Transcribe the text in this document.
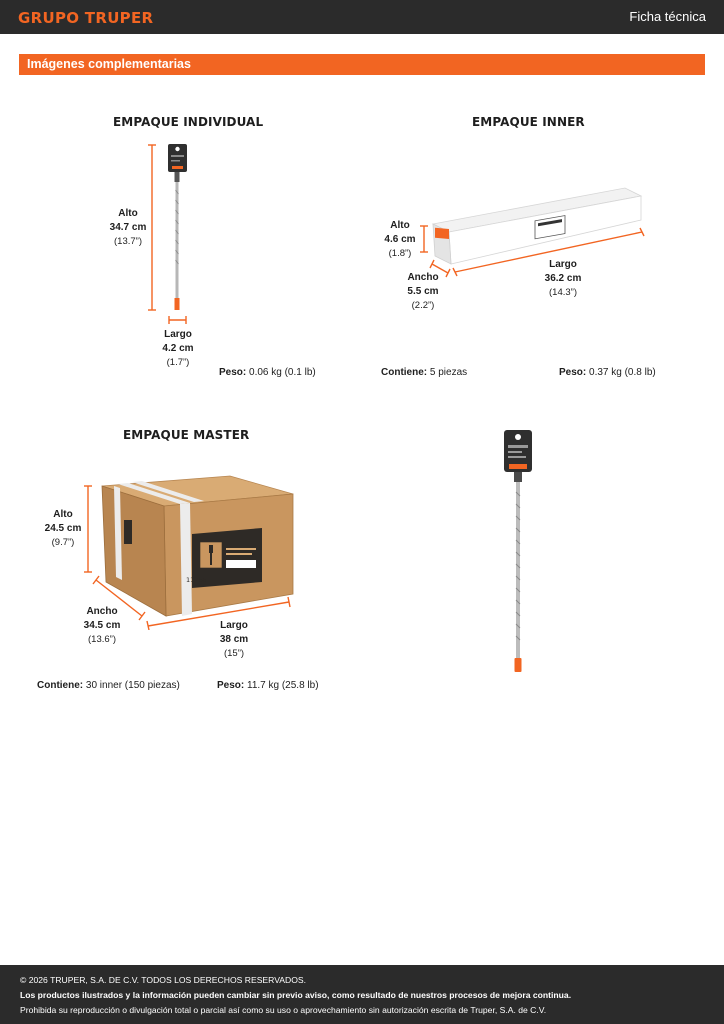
GRUPO TRUPER	Ficha técnica
Imágenes complementarias
EMPAQUE INDIVIDUAL
Alto
34.7 cm
(13.7”)
Largo
4.2 cm
(1.7”)
Peso: 0.06 kg (0.1 lb)
EMPAQUE INNER
Alto
4.6 cm
(1.8”)
Ancho
5.5 cm
(2.2”)
Largo
36.2 cm
(14.3”)
Contiene: 5 piezas	Peso: 0.37 kg (0.8 lb)
EMPAQUE MASTER
11266
Alto
24.5 cm
(9.7”)
Ancho
34.5 cm
(13.6”)
Largo
38 cm
(15”)
Contiene: 30 inner (150 piezas)	Peso: 11.7 kg (25.8 lb)
© 2026 TRUPER, S.A. DE C.V. TODOS LOS DERECHOS RESERVADOS.
Los productos ilustrados y la información pueden cambiar sin previo aviso, como resultado de nuestros procesos de mejora continua.
Prohibida su reproducción o divulgación total o parcial así como su uso o aprovechamiento sin autorización escrita de Truper, S.A. de C.V.
